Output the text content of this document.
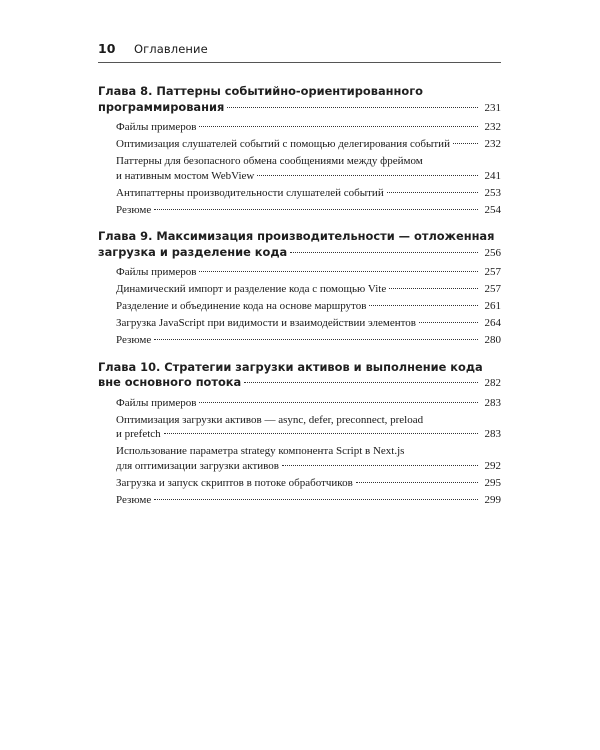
10	Оглавление
Глава 8. Паттерны событийно-ориентированного
программирования	231
Файлы примеров	232
Оптимизация слушателей событий с помощью делегирования событий	232
Паттерны для безопасного обмена сообщениями между фреймом
и нативным мостом WebView	241
Антипаттерны производительности слушателей событий	253
Резюме	254
Глава 9. Максимизация производительности — отложенная
загрузка и разделение кода	256
Файлы примеров	257
Динамический импорт и разделение кода с помощью Vite	257
Разделение и объединение кода на основе маршрутов	261
Загрузка JavaScript при видимости и взаимодействии элементов	264
Резюме	280
Глава 10. Стратегии загрузки активов и выполнение кода
вне основного потока	282
Файлы примеров	283
Оптимизация загрузки активов — async, defer, preconnect, preload
и prefetch	283
Использование параметра strategy компонента Script в Next.js
для оптимизации загрузки активов	292
Загрузка и запуск скриптов в потоке обработчиков	295
Резюме	299
